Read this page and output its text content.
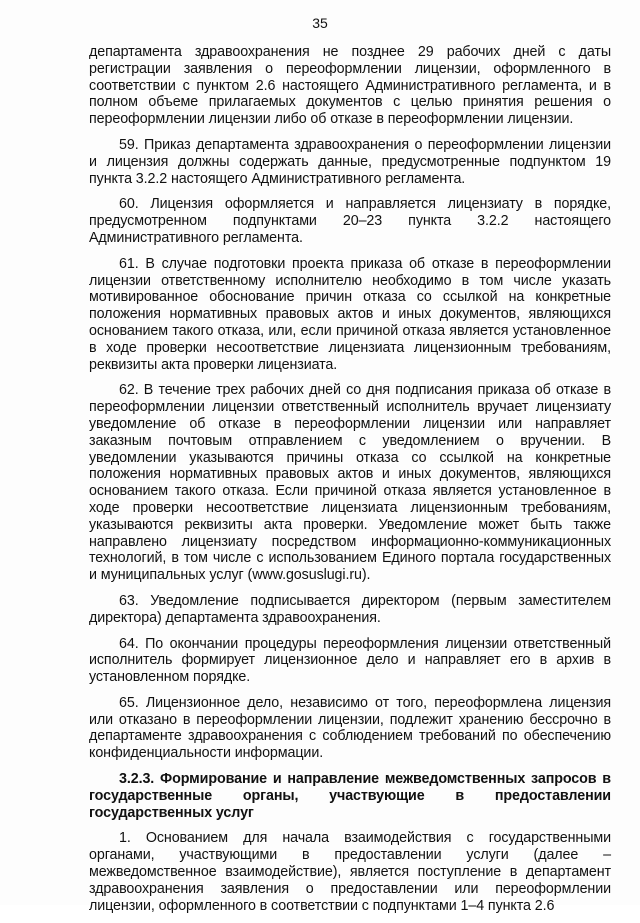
35

департамента здравоохранения не позднее 29 рабочих дней с даты регистрации заявления о переоформлении лицензии, оформленного в соответствии с пунктом 2.6 настоящего Административного регламента, и в полном объеме прилагаемых документов с целью принятия решения о переоформлении лицензии либо об отказе в переоформлении лицензии.

59. Приказ департамента здравоохранения о переоформлении лицензии и лицензия должны содержать данные, предусмотренные подпунктом 19 пункта 3.2.2 настоящего Административного регламента.

60. Лицензия оформляется и направляется лицензиату в порядке, предусмотренном подпунктами 20–23 пункта 3.2.2 настоящего Административного регламента.

61. В случае подготовки проекта приказа об отказе в переоформлении лицензии ответственному исполнителю необходимо в том числе указать мотивированное обоснование причин отказа со ссылкой на конкретные положения нормативных правовых актов и иных документов, являющихся основанием такого отказа, или, если причиной отказа является установленное в ходе проверки несоответствие лицензиата лицензионным требованиям, реквизиты акта проверки лицензиата.

62. В течение трех рабочих дней со дня подписания приказа об отказе в переоформлении лицензии ответственный исполнитель вручает лицензиату уведомление об отказе в переоформлении лицензии или направляет заказным почтовым отправлением с уведомлением о вручении. В уведомлении указываются причины отказа со ссылкой на конкретные положения нормативных правовых актов и иных документов, являющихся основанием такого отказа. Если причиной отказа является установленное в ходе проверки несоответствие лицензиата лицензионным требованиям, указываются реквизиты акта проверки. Уведомление может быть также направлено лицензиату посредством информационно-коммуникационных технологий, в том числе с использованием Единого портала государственных и муниципальных услуг (www.gosuslugi.ru).

63. Уведомление подписывается директором (первым заместителем директора) департамента здравоохранения.

64. По окончании процедуры переоформления лицензии ответственный исполнитель формирует лицензионное дело и направляет его в архив в установленном порядке.

65. Лицензионное дело, независимо от того, переоформлена лицензия или отказано в переоформлении лицензии, подлежит хранению бессрочно в департаменте здравоохранения с соблюдением требований по обеспечению конфиденциальности информации.

3.2.3. Формирование и направление межведомственных запросов в государственные органы, участвующие в предоставлении государственных услуг

1. Основанием для начала взаимодействия с государственными органами, участвующими в предоставлении услуги (далее – межведомственное взаимодействие), является поступление в департамент здравоохранения заявления о предоставлении или переоформлении лицензии, оформленного в соответствии с подпунктами 1–4 пункта 2.6
